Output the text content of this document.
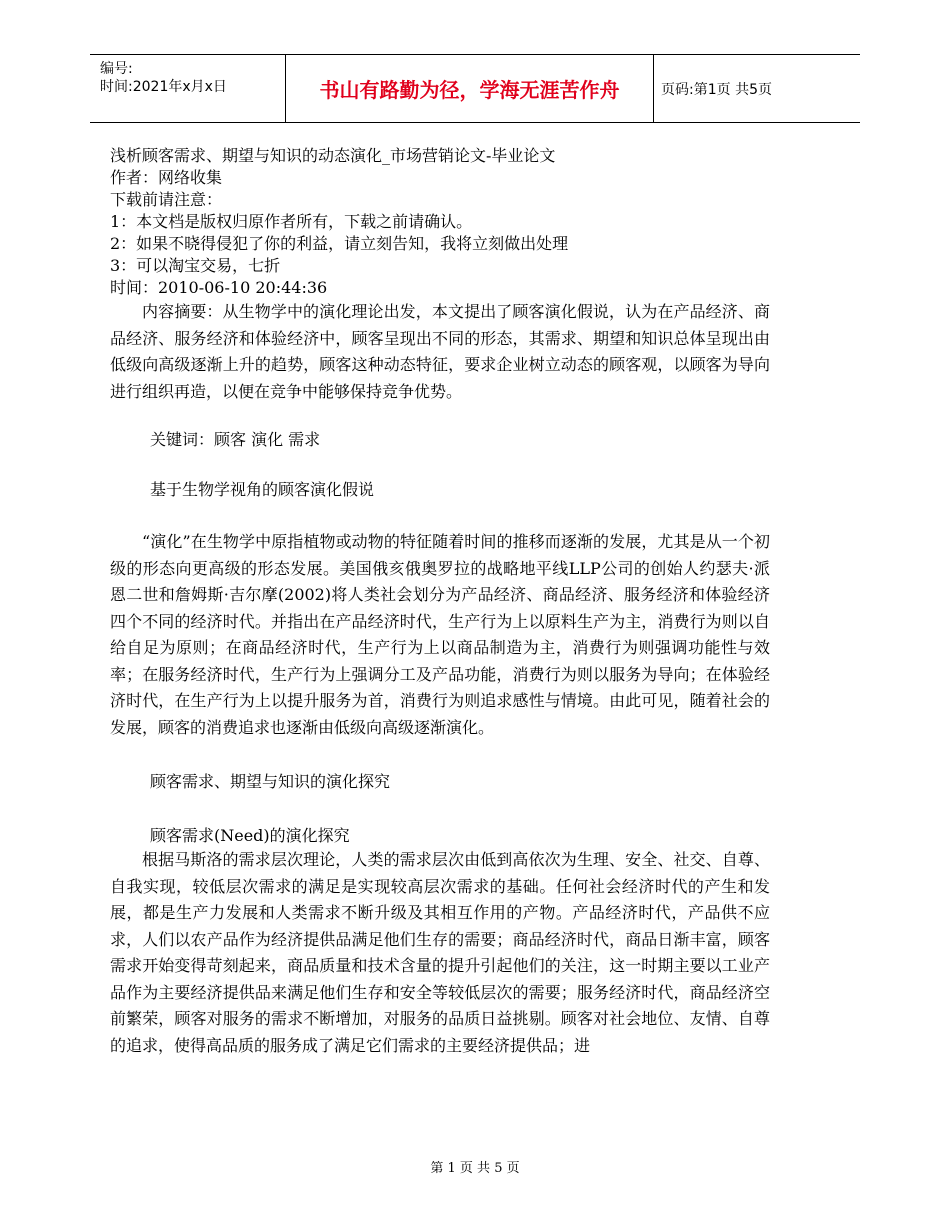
编号:
时间:2021年x月x日	书山有路勤为径，学海无涯苦作舟	页码:第1页 共5页
浅析顾客需求、期望与知识的动态演化_市场营销论文-毕业论文
作者：网络收集
下载前请注意：
1：本文档是版权归原作者所有，下载之前请确认。
2：如果不晓得侵犯了你的利益，请立刻告知，我将立刻做出处理
3：可以淘宝交易，七折
时间：2010-06-10 20:44:36

内容摘要：从生物学中的演化理论出发，本文提出了顾客演化假说，认为在产品经济、商品经济、服务经济和体验经济中，顾客呈现出不同的形态，其需求、期望和知识总体呈现出由低级向高级逐渐上升的趋势，顾客这种动态特征，要求企业树立动态的顾客观，以顾客为导向进行组织再造，以便在竞争中能够保持竞争优势。

关键词：顾客 演化 需求
基于生物学视角的顾客演化假说

“演化”在生物学中原指植物或动物的特征随着时间的推移而逐渐的发展，尤其是从一个初级的形态向更高级的形态发展。美国俄亥俄奥罗拉的战略地平线LLP公司的创始人约瑟夫·派恩二世和詹姆斯·吉尔摩(2002)将人类社会划分为产品经济、商品经济、服务经济和体验经济四个不同的经济时代。并指出在产品经济时代，生产行为上以原料生产为主，消费行为则以自给自足为原则；在商品经济时代，生产行为上以商品制造为主，消费行为则强调功能性与效率；在服务经济时代，生产行为上强调分工及产品功能，消费行为则以服务为导向；在体验经济时代，在生产行为上以提升服务为首，消费行为则追求感性与情境。由此可见，随着社会的发展，顾客的消费追求也逐渐由低级向高级逐渐演化。

顾客需求、期望与知识的演化探究
顾客需求(Need)的演化探究

根据马斯洛的需求层次理论，人类的需求层次由低到高依次为生理、安全、社交、自尊、自我实现，较低层次需求的满足是实现较高层次需求的基础。任何社会经济时代的产生和发展，都是生产力发展和人类需求不断升级及其相互作用的产物。产品经济时代，产品供不应求，人们以农产品作为经济提供品满足他们生存的需要；商品经济时代，商品日渐丰富，顾客需求开始变得苛刻起来，商品质量和技术含量的提升引起他们的关注，这一时期主要以工业产品作为主要经济提供品来满足他们生存和安全等较低层次的需要；服务经济时代，商品经济空前繁荣，顾客对服务的需求不断增加，对服务的品质日益挑剔。顾客对社会地位、友情、自尊的追求，使得高品质的服务成了满足它们需求的主要经济提供品；进

第 1 页 共 5 页
